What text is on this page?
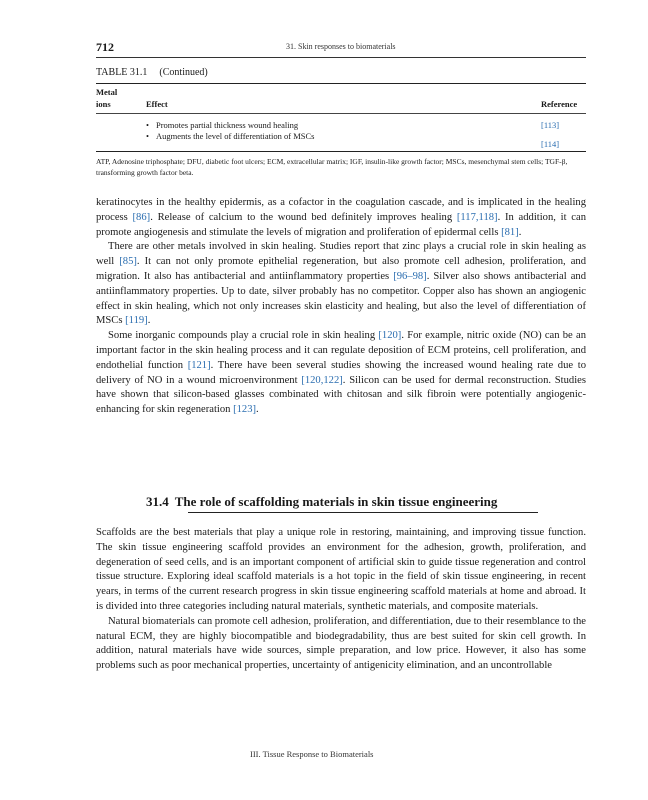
712	31. Skin responses to biomaterials
TABLE 31.1 (Continued)
Metal
ions	Effect	Reference
• Promotes partial thickness wound healing	[113]
• Augments the level of differentiation of MSCs
[114]
ATP, Adenosine triphosphate; DFU, diabetic foot ulcers; ECM, extracellular matrix; IGF, insulin-like growth factor; MSCs, mesenchymal stem cells; TGF-β, transforming growth factor beta.

keratinocytes in the healthy epidermis, as a cofactor in the coagulation cascade, and is implicated in the healing process [86]. Release of calcium to the wound bed definitely improves healing [117,118]. In addition, it can promote angiogenesis and stimulate the levels of migration and proliferation of epidermal cells [81].

There are other metals involved in skin healing. Studies report that zinc plays a crucial role in skin healing as well [85]. It can not only promote epithelial regeneration, but also promote cell adhesion, proliferation, and migration. It also has antibacterial and antiinflammatory properties [96–98]. Silver also shows antibacterial and antiinflammatory properties. Up to date, silver probably has no competitor. Copper also has shown an angiogenic effect in skin healing, which not only increases skin elasticity and healing, but also the level of differentiation of MSCs [119].

Some inorganic compounds play a crucial role in skin healing [120]. For example, nitric oxide (NO) can be an important factor in the skin healing process and it can regulate deposition of ECM proteins, cell proliferation, and endothelial function [121]. There have been several studies showing the increased wound healing rate due to delivery of NO in a wound microenvironment [120,122]. Silicon can be used for dermal reconstruction. Studies have shown that silicon-based glasses combinated with chitosan and silk fibroin were potentially angiogenic-enhancing for skin regeneration [123].

31.4 The role of scaffolding materials in skin tissue engineering

Scaffolds are the best materials that play a unique role in restoring, maintaining, and improving tissue function. The skin tissue engineering scaffold provides an environment for the adhesion, growth, proliferation, and degeneration of seed cells, and is an important component of artificial skin to guide tissue regeneration and control tissue structure. Exploring ideal scaffold materials is a hot topic in the field of skin tissue engineering, in recent years, in terms of the current research progress in skin tissue engineering scaffold materials at home and abroad. It is divided into three categories including natural materials, synthetic materials, and composite materials.

Natural biomaterials can promote cell adhesion, proliferation, and differentiation, due to their resemblance to the natural ECM, they are highly biocompatible and biodegradability, thus are best suited for skin cell growth. In addition, natural materials have wide sources, simple preparation, and low price. However, it also has some problems such as poor mechanical properties, uncertainty of antigenicity elimination, and an uncontrollable

III. Tissue Response to Biomaterials
